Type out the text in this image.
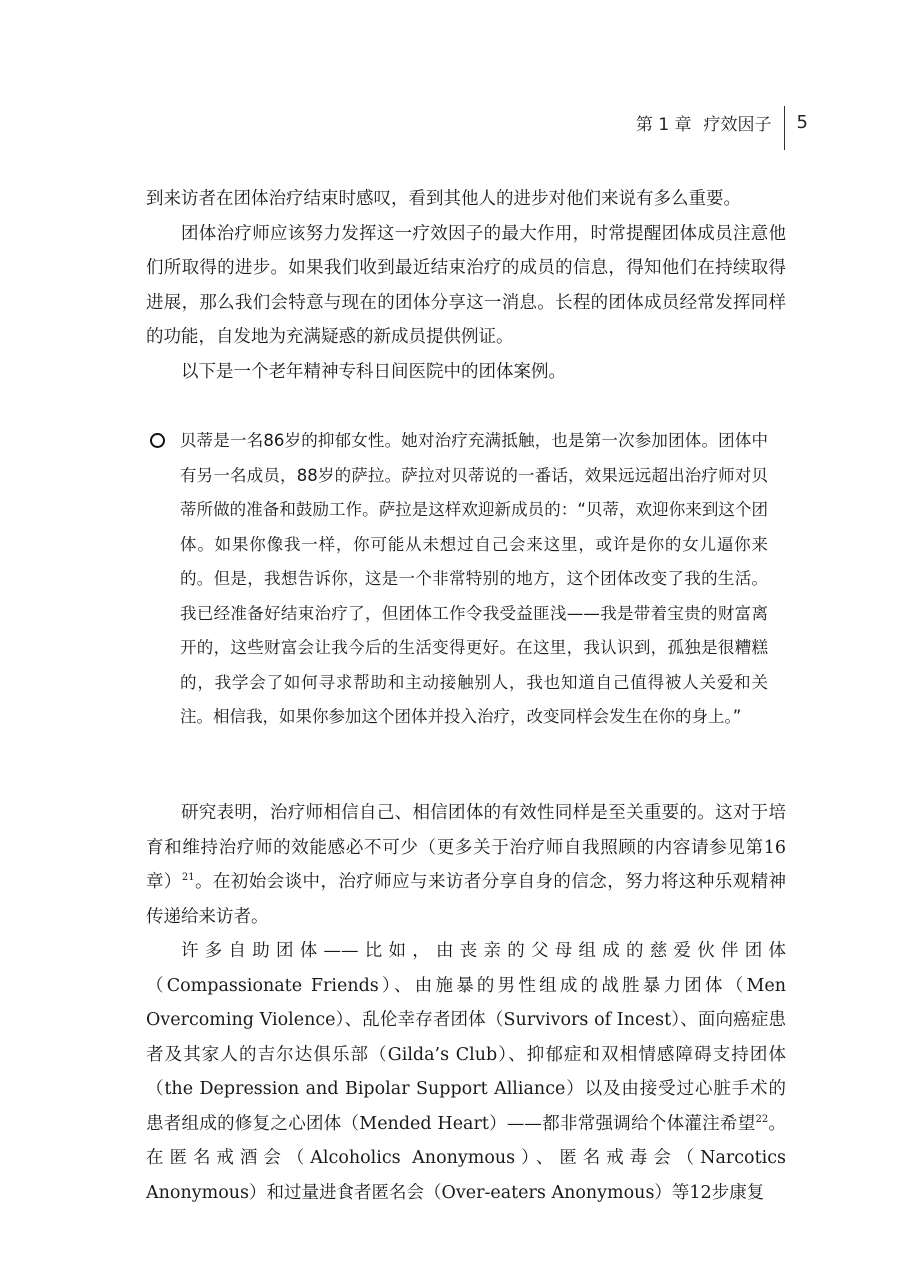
第 1 章 疗效因子 5

到来访者在团体治疗结束时感叹，看到其他人的进步对他们来说有多么重要。

团体治疗师应该努力发挥这一疗效因子的最大作用，时常提醒团体成员注意他们所取得的进步。如果我们收到最近结束治疗的成员的信息，得知他们在持续取得进展，那么我们会特意与现在的团体分享这一消息。长程的团体成员经常发挥同样的功能，自发地为充满疑惑的新成员提供例证。

以下是一个老年精神专科日间医院中的团体案例。

贝蒂是一名86岁的抑郁女性。她对治疗充满抵触，也是第一次参加团体。团体中有另一名成员，88岁的萨拉。萨拉对贝蒂说的一番话，效果远远超出治疗师对贝蒂所做的准备和鼓励工作。萨拉是这样欢迎新成员的：“贝蒂，欢迎你来到这个团体。如果你像我一样，你可能从未想过自己会来这里，或许是你的女儿逼你来的。但是，我想告诉你，这是一个非常特别的地方，这个团体改变了我的生活。我已经准备好结束治疗了，但团体工作令我受益匪浅——我是带着宝贵的财富离开的，这些财富会让我今后的生活变得更好。在这里，我认识到，孤独是很糟糕的，我学会了如何寻求帮助和主动接触别人，我也知道自己值得被人关爱和关注。相信我，如果你参加这个团体并投入治疗，改变同样会发生在你的身上。”

研究表明，治疗师相信自己、相信团体的有效性同样是至关重要的。这对于培育和维持治疗师的效能感必不可少（更多关于治疗师自我照顾的内容请参见第16章）$^{21}$。在初始会谈中，治疗师应与来访者分享自身的信念，努力将这种乐观精神传递给来访者。

许多自助团体——比如，由丧亲的父母组成的慈爱伙伴团体（Compassionate Friends）、由施暴的男性组成的战胜暴力团体（Men Overcoming Violence）、乱伦幸存者团体（Survivors of Incest）、面向癌症患者及其家人的吉尔达俱乐部（Gilda’s Club）、抑郁症和双相情感障碍支持团体（the Depression and Bipolar Support Alliance）以及由接受过心脏手术的患者组成的修复之心团体（Mended Heart）——都非常强调给个体灌注希望$^{22}$。在匿名戒酒会（Alcoholics Anonymous）、匿名戒毒会（Narcotics Anonymous）和过量进食者匿名会（Over-eaters Anonymous）等12步康复
